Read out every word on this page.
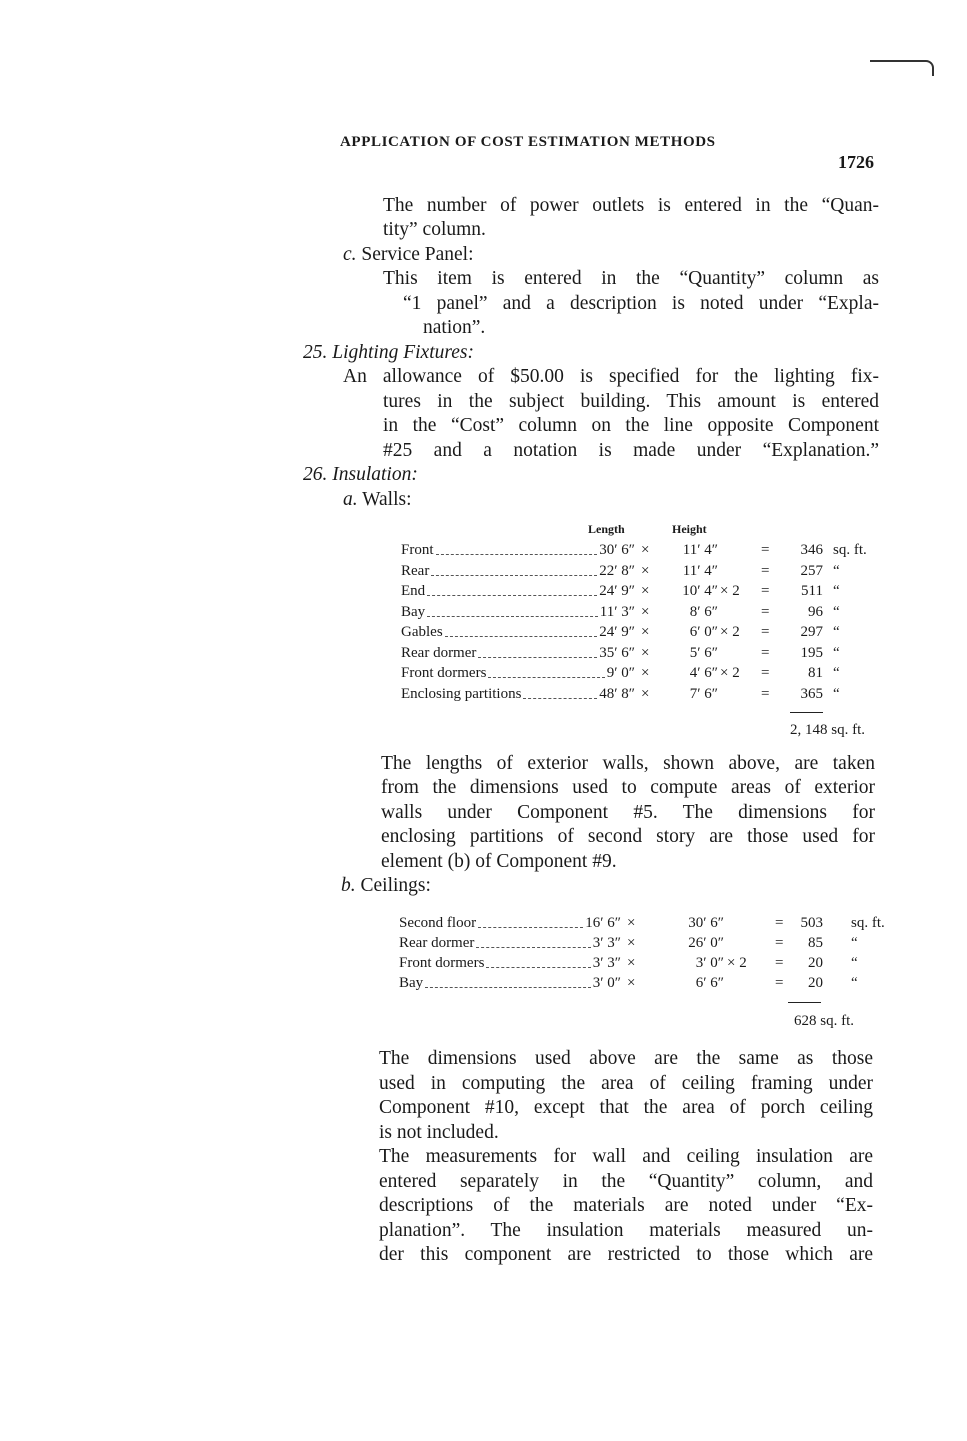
APPLICATION OF COST ESTIMATION METHODS
1726
The number of power outlets is entered in the “Quan-
tity” column.
c. Service Panel:
This item is entered in the “Quantity” column as
“1 panel” and a description is noted under “Expla-
nation”.
25. Lighting Fixtures:
An allowance of $50.00 is specified for the lighting fix-
tures in the subject building. This amount is entered
in the “Cost” column on the line opposite Component
#25 and a notation is made under “Explanation.”
26. Insulation:
a. Walls:
Length	Height
Front	30′ 6″ × 11′ 4″	= 346 sq. ft.
Rear	22′ 8″ × 11′ 4″	= 257 “
End	24′ 9″ × 10′ 4″ × 2 = 511 “
Bay	11′ 3″ ×	8′ 6″	=	96 “
Gables	24′ 9″ ×	6′ 0″ × 2 = 297 “
Rear dormer	35′ 6″ ×	5′ 6″	= 195 “
Front dormers	9′ 0″ ×	4′ 6″ × 2 =	81 “
Enclosing partitions	48′ 8″ ×	7′ 6″	= 365 “
2, 148 sq. ft.
The lengths of exterior walls, shown above, are taken
from the dimensions used to compute areas of exterior
walls under Component #5. The dimensions for
enclosing partitions of second story are those used for
element (b) of Component #9.
b. Ceilings:
Second floor	16′ 6″ ×	30′ 6″	= 503 sq. ft.
Rear dormer	3′ 3″ ×	26′ 0″	= 85 “
Front dormers	3′ 3″ ×	3′ 0″ × 2 = 20 “
Bay	3′ 0″ ×	6′ 6″	= 20 “
628 sq. ft.
The dimensions used above are the same as those
used in computing the area of ceiling framing under
Component #10, except that the area of porch ceiling
is not included.
The measurements for wall and ceiling insulation are
entered separately in the “Quantity” column, and
descriptions of the materials are noted under “Ex-
planation”. The insulation materials measured un-
der this component are restricted to those which are
